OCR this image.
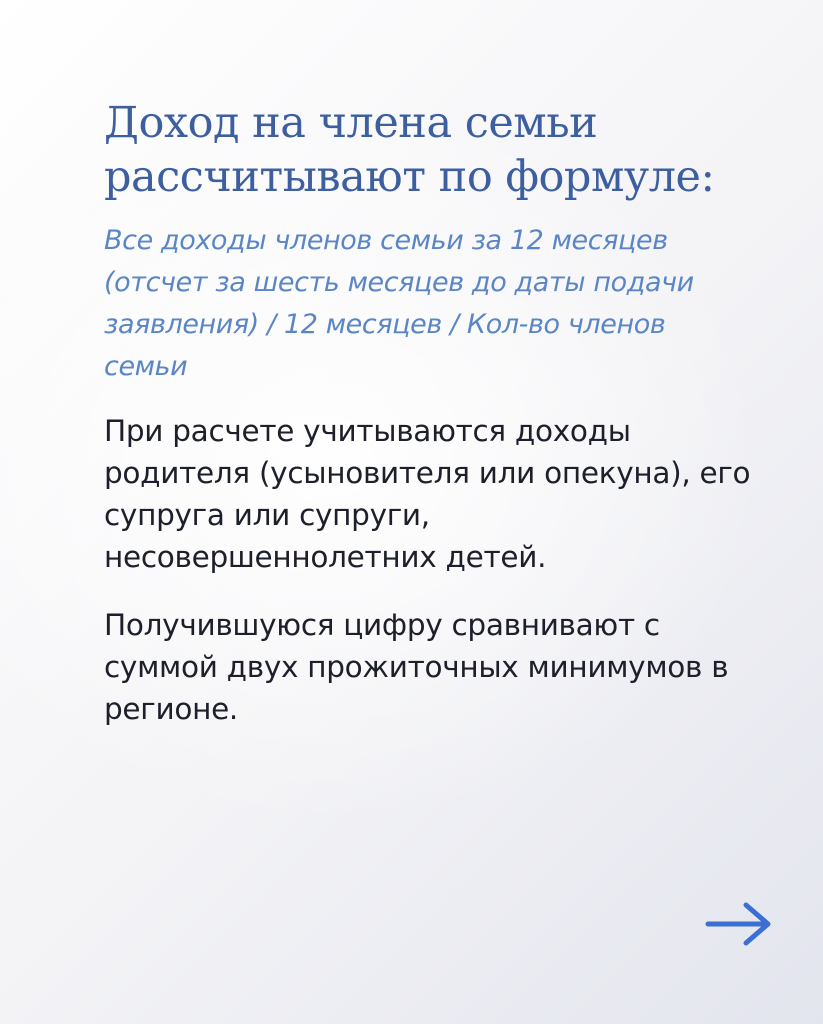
Доход на члена семьи рассчитывают по формуле:

Все доходы членов семьи за 12 месяцев (отсчет за шесть месяцев до даты подачи заявления) / 12 месяцев / Кол-во членов семьи

При расчете учитываются доходы родителя (усыновителя или опекуна), его супруга или супруги, несовершеннолетних детей.

Получившуюся цифру сравнивают с суммой двух прожиточных минимумов в регионе.
